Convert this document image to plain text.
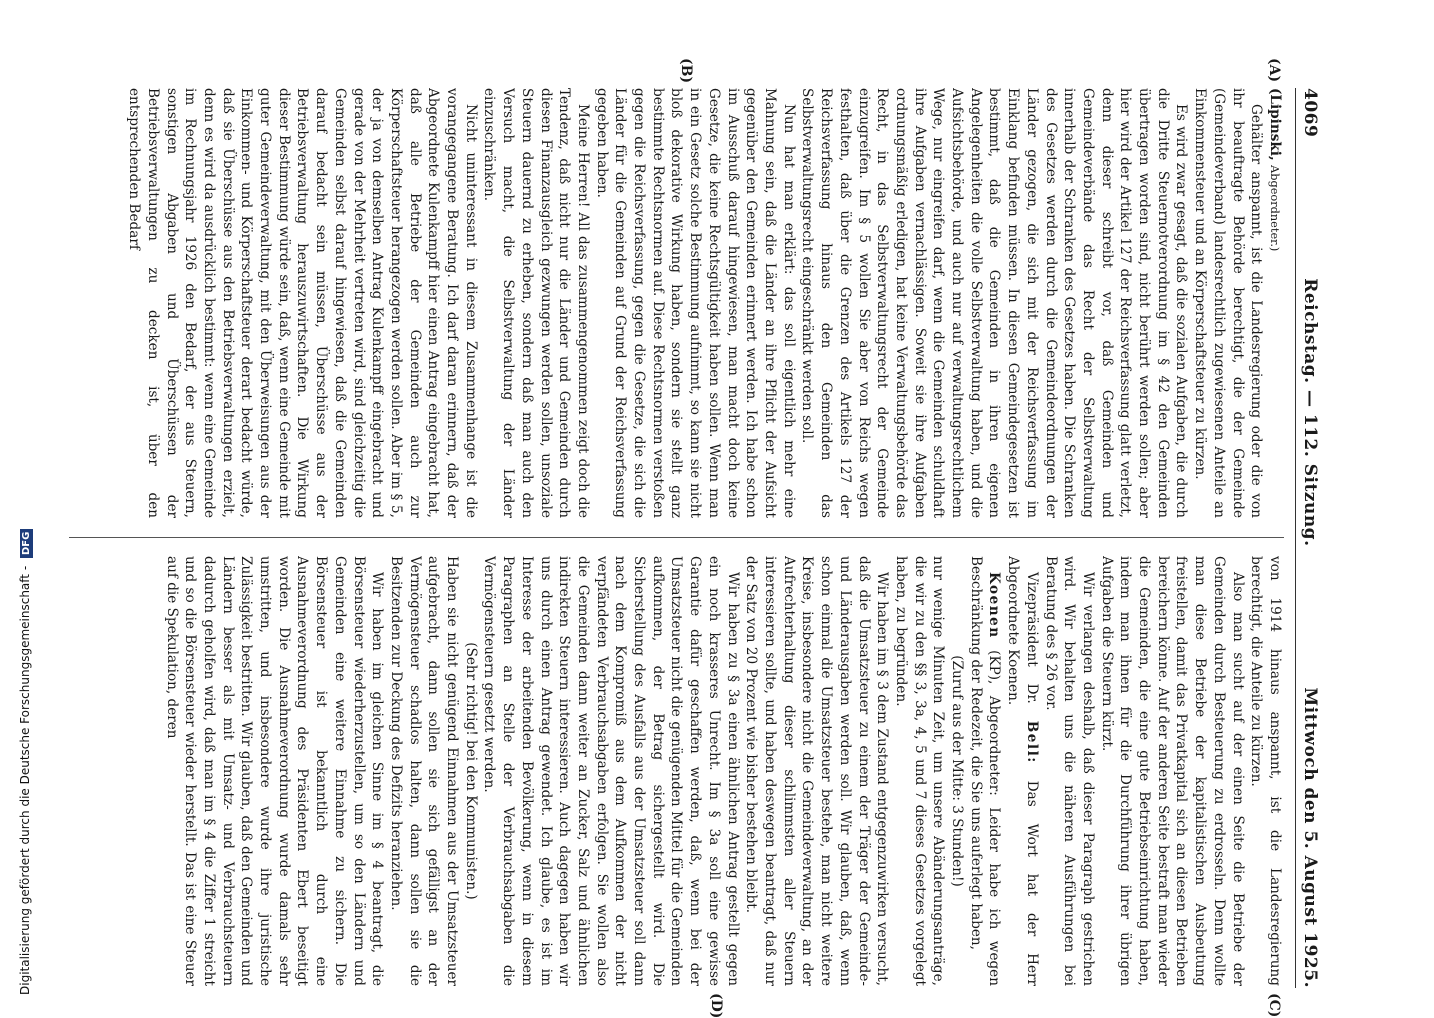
4069
Reichstag. — 112. Sitzung.
Mittwoch den 5. August 1925.

(Lipinski, Abgeordneter.)

Gehälter anspannt, ist die Landesregierung oder die von ihr beauftragte Behörde berechtigt, die der Gemeinde (Gemeindeverband) landesrechtlich zugewiesenen Anteile an Einkommensteuer und an Körperschaftsteuer zu kürzen.

Es wird zwar gesagt, daß die sozialen Aufgaben, die durch die Dritte Steuernotverordnung im § 42 den Gemeinden übertragen worden sind, nicht berührt werden sollen; aber hier wird der Artikel 127 der Reichsverfassung glatt verletzt, denn dieser schreibt vor, daß Gemeinden und Gemeindeverbände das Recht der Selbstverwaltung innerhalb der Schranken des Gesetzes haben. Die Schranken des Gesetzes werden durch die Gemeindeordnungen der Länder gezogen, die sich mit der Reichsverfassung im Einklang befinden müssen. In diesen Gemeindegesetzen ist bestimmt, daß die Gemeinden in ihren eigenen Angelegenheiten die volle Selbstverwaltung haben, und die Aufsichtsbehörde, und auch nur auf verwaltungsrechtlichem Wege, nur eingreifen darf, wenn die Gemeinden schuldhaft ihre Aufgaben vernachlässigen. Soweit sie ihre Aufgaben ordnungsmäßig erledigen, hat keine Verwaltungsbehörde das Recht, in das Selbstverwaltungsrecht der Gemeinde einzugreifen. Im § 5 wollen Sie aber von Reichs wegen festhalten, daß über die Grenzen des Artikels 127 der Reichsverfassung hinaus den Gemeinden das Selbstverwaltungsrecht eingeschränkt werden soll.

Nun hat man erklärt: das soll eigentlich mehr eine Mahnung sein, daß die Länder an ihre Pflicht der Aufsicht gegenüber den Gemeinden erinnert werden. Ich habe schon im Ausschuß darauf hingewiesen, man macht doch keine Gesetze, die keine Rechtsgültigkeit haben sollen. Wenn man in ein Gesetz solche Bestimmung aufnimmt, so kann sie nicht bloß dekorative Wirkung haben, sondern sie stellt ganz bestimmte Rechtsnormen auf. Diese Rechtsnormen verstoßen gegen die Reichsverfassung, gegen die Gesetze, die sich die Länder für die Gemeinden auf Grund der Reichsverfassung gegeben haben.

Meine Herren! All das zusammengenommen zeigt doch die Tendenz, daß nicht nur die Länder und Gemeinden durch diesen Finanzausgleich gezwungen werden sollen, unsoziale Steuern dauernd zu erheben, sondern daß man auch den Versuch macht, die Selbstverwaltung der Länder einzuschränken.

Nicht uninteressant in diesem Zusammenhange ist die vorangegangene Beratung. Ich darf daran erinnern, daß der Abgeordnete Kulenkampff hier einen Antrag eingebracht hat, daß alle Betriebe der Gemeinden auch zur Körperschaftsteuer herangezogen werden sollen. Aber im § 5, der ja von demselben Antrag Kulenkampff eingebracht und gerade von der Mehrheit vertreten wird, sind gleichzeitig die Gemeinden selbst darauf hingewiesen, daß die Gemeinden darauf bedacht sein müssen, Überschüsse aus der Betriebsverwaltung herauszuwirtschaften. Die Wirkung dieser Bestimmung würde sein, daß, wenn eine Gemeinde mit guter Gemeindeverwaltung, mit den Überweisungen aus der Einkommen- und Körperschaftsteuer derart bedacht würde, daß sie Überschüsse aus den Betriebsverwaltungen erzielt, denn es wird da ausdrücklich bestimmt: wenn eine Gemeinde im Rechnungsjahr 1926 den Bedarf, der aus Steuern, sonstigen Abgaben und Überschüssen der Betriebsverwaltungen zu decken ist, über den entsprechenden Bedarf

von 1914 hinaus anspannt, ist die Landesregierung berechtigt, die Anteile zu kürzen.

Also man sucht auf der einen Seite die Betriebe der Gemeinden durch Besteuerung zu erdrosseln. Denn wollte man diese Betriebe der kapitalistischen Ausbeutung freistellen, damit das Privatkapital sich an diesen Betrieben bereichern könne. Auf der anderen Seite bestraft man wieder die Gemeinden, die eine gute Betriebseinrichtung haben, indem man ihnen für die Durchführung ihrer übrigen Aufgaben die Steuern kürzt.

Wir verlangen deshalb, daß dieser Paragraph gestrichen wird. Wir behalten uns die näheren Ausführungen bei Beratung des § 26 vor.

Vizepräsident Dr. Bell: Das Wort hat der Herr Abgeordnete Koenen.

Koenen (KP), Abgeordneter: Leider habe ich wegen Beschränkung der Redezeit, die Sie uns auferlegt haben,

(Zuruf aus der Mitte: 3 Stunden!)

nur wenige Minuten Zeit, um unsere Abänderungsanträge, die wir zu den §§ 3, 3a, 4, 5 und 7 dieses Gesetzes vorgelegt haben, zu begründen.

Wir haben im § 3 dem Zustand entgegenzuwirken versucht, daß die Umsatzsteuer zu einem der Träger der Gemeinde- und Länderausgaben werden soll. Wir glauben, daß, wenn schon einmal die Umsatzsteuer bestehe, man nicht weitere Kreise, insbesondere nicht die Gemeindeverwaltung, an der Aufrechterhaltung dieser schlimmsten aller Steuern interessieren sollte, und haben deswegen beantragt, daß nur der Satz von 20 Prozent wie bisher bestehen bleibt.

Wir haben zu § 3a einen ähnlichen Antrag gestellt gegen ein noch krasseres Unrecht. Im § 3a soll eine gewisse Garantie dafür geschaffen werden, daß, wenn bei der Umsatzsteuer nicht die genügenden Mittel für die Gemeinden aufkommen, der Betrag sichergestellt wird. Die Sicherstellung des Ausfalls aus der Umsatzsteuer soll dann nach dem Kompromiß aus dem Aufkommen der nicht verpfändeten Verbrauchsabgaben erfolgen. Sie wollen also die Gemeinden dann weiter an Zucker, Salz und ähnlichen indirekten Steuern interessieren. Auch dagegen haben wir uns durch einen Antrag gewendet. Ich glaube, es ist im Interesse der arbeitenden Bevölkerung, wenn in diesem Paragraphen an Stelle der Verbrauchsabgaben die Vermögensteuern gesetzt werden.

(Sehr richtig! bei den Kommunisten.)

Haben sie nicht genügend Einnahmen aus der Umsatzsteuer aufgebracht, dann sollen sie sich gefälligst an der Vermögensteuer schadlos halten, dann sollen sie die Besitzenden zur Deckung des Defizits heranziehen.

Wir haben im gleichen Sinne im § 4 beantragt, die Börsensteuer wiederherzustellen, um so den Ländern und Gemeinden eine weitere Einnahme zu sichern. Die Börsensteuer ist bekanntlich durch eine Ausnahmeverordnung des Präsidenten Ebert beseitigt worden. Die Ausnahmeverordnung wurde damals sehr umstritten, und insbesondere wurde ihre juristische Zulässigkeit bestritten. Wir glauben, daß den Gemeinden und Ländern besser als mit Umsatz- und Verbrauchsteuern dadurch geholfen wird, daß man im § 4 die Ziffer 1 streicht und so die Börsensteuer wieder herstellt. Das ist eine Steuer auf die Spekulation, deren

(A)
(B)
(C)
(D)
Digitalisierung gefördert durch die Deutsche Forschungsgemeinschaft - DFG
